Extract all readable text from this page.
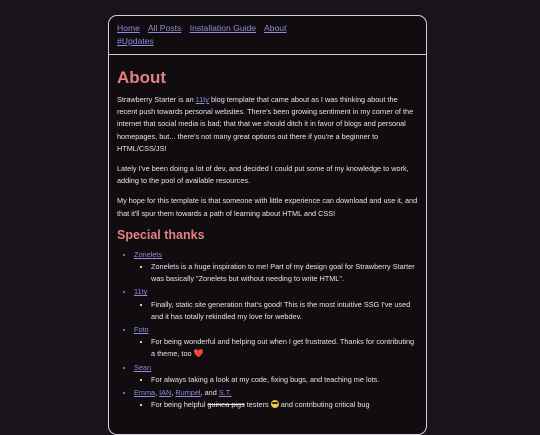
Home All Posts Installation Guide About
#Updates
About

Strawberry Starter is an 11ty blog template that came about as I was thinking about the recent push towards personal websites. There's been growing sentiment in my corner of the internet that social media is bad; that that we should ditch it in favor of blogs and personal homepages, but... there's not many great options out there if you're a beginner to HTML/CSS/JS!

Lately I've been doing a lot of dev, and decided I could put some of my knowledge to work, adding to the pool of available resources.

My hope for this template is that someone with little experience can download and use it, and that it'll spur them towards a path of learning about HTML and CSS!

Special thanks
• Zonelets
▪ Zonelets is a huge inspiration to me! Part of my design goal for Strawberry Starter was basically "Zonelets but without needing to write HTML".
• 11ty
▪ Finally, static site generation that's good! This is the most intuitive SSG I've used and it has totally rekindled my love for webdev.
• Foto
▪ For being wonderful and helping out when I get frustrated. Thanks for contributing a theme, too ❤️
• Sean
▪ For always taking a look at my code, fixing bugs, and teaching me lots.
• Emma, IAN, Rumpel, and S.T.
▪ For being helpful guinea pigs testers  and contributing critical bug
